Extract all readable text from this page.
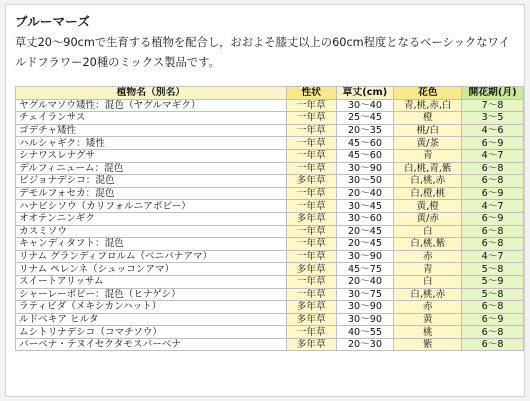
ブルーマーズ
草丈20〜90cmで生育する植物を配合し，おおよそ膝丈以上の60cm程度となるベーシックなワイルドフラワー20種のミックス製品です。
植物名（別名）	性状	草丈(cm)	花色	開花期(月)
ヤグルマソウ矮性：混色（ヤグルマギク）	一年草	30〜40	青,桃,赤,白	7〜8
チェイランサス	一年草	25〜45	橙	3〜5
ゴデチャ矮性	一年草	20〜35	桃/白	4〜6
ハルシャギク：矮性	一年草	45〜60	黄/茶	6〜9
シナワスレナグサ	一年草	45〜60	青	4〜7
デルフィニューム：混色	一年草	30〜90	白,桃,青,紫	6〜8
ビジョナデシコ：混色	多年草	30〜50	白,桃,赤	6〜8
デモルフォセカ：混色	一年草	20〜40	白,橙,桃	6〜9
ハナビシソウ（カリフォルニアポピー）	一年草	30〜45	黄,橙	4〜7
オオテンニンギク	多年草	30〜60	黄/赤	6〜9
カスミソウ	一年草	20〜45	白	6〜8
キャンディタフト：混色	一年草	20〜45	白,桃,紫	6〜8
リナム グランディフロルム（ベニバナアマ）	一年草	30〜90	赤	4〜7
リナム ペレンネ（シュッコンアマ）	多年草	45〜75	青	5〜8
スイートアリッサム	一年草	20〜40	白	5〜9
シャーレーポピー：混色（ヒナゲシ）	一年草	30〜75	白,桃,赤	5〜8
ラティビダ（メキシカンハット）	多年草	30〜90	赤	6〜8
ルドベキア ヒルタ	多年草	30〜90	黄	6〜9
ムシトリナデシコ（コマチソウ）	一年草	40〜55	桃	6〜8
バーベナ・テヌイセクタモスバーベナ	多年草	20〜30	紫	6〜8
